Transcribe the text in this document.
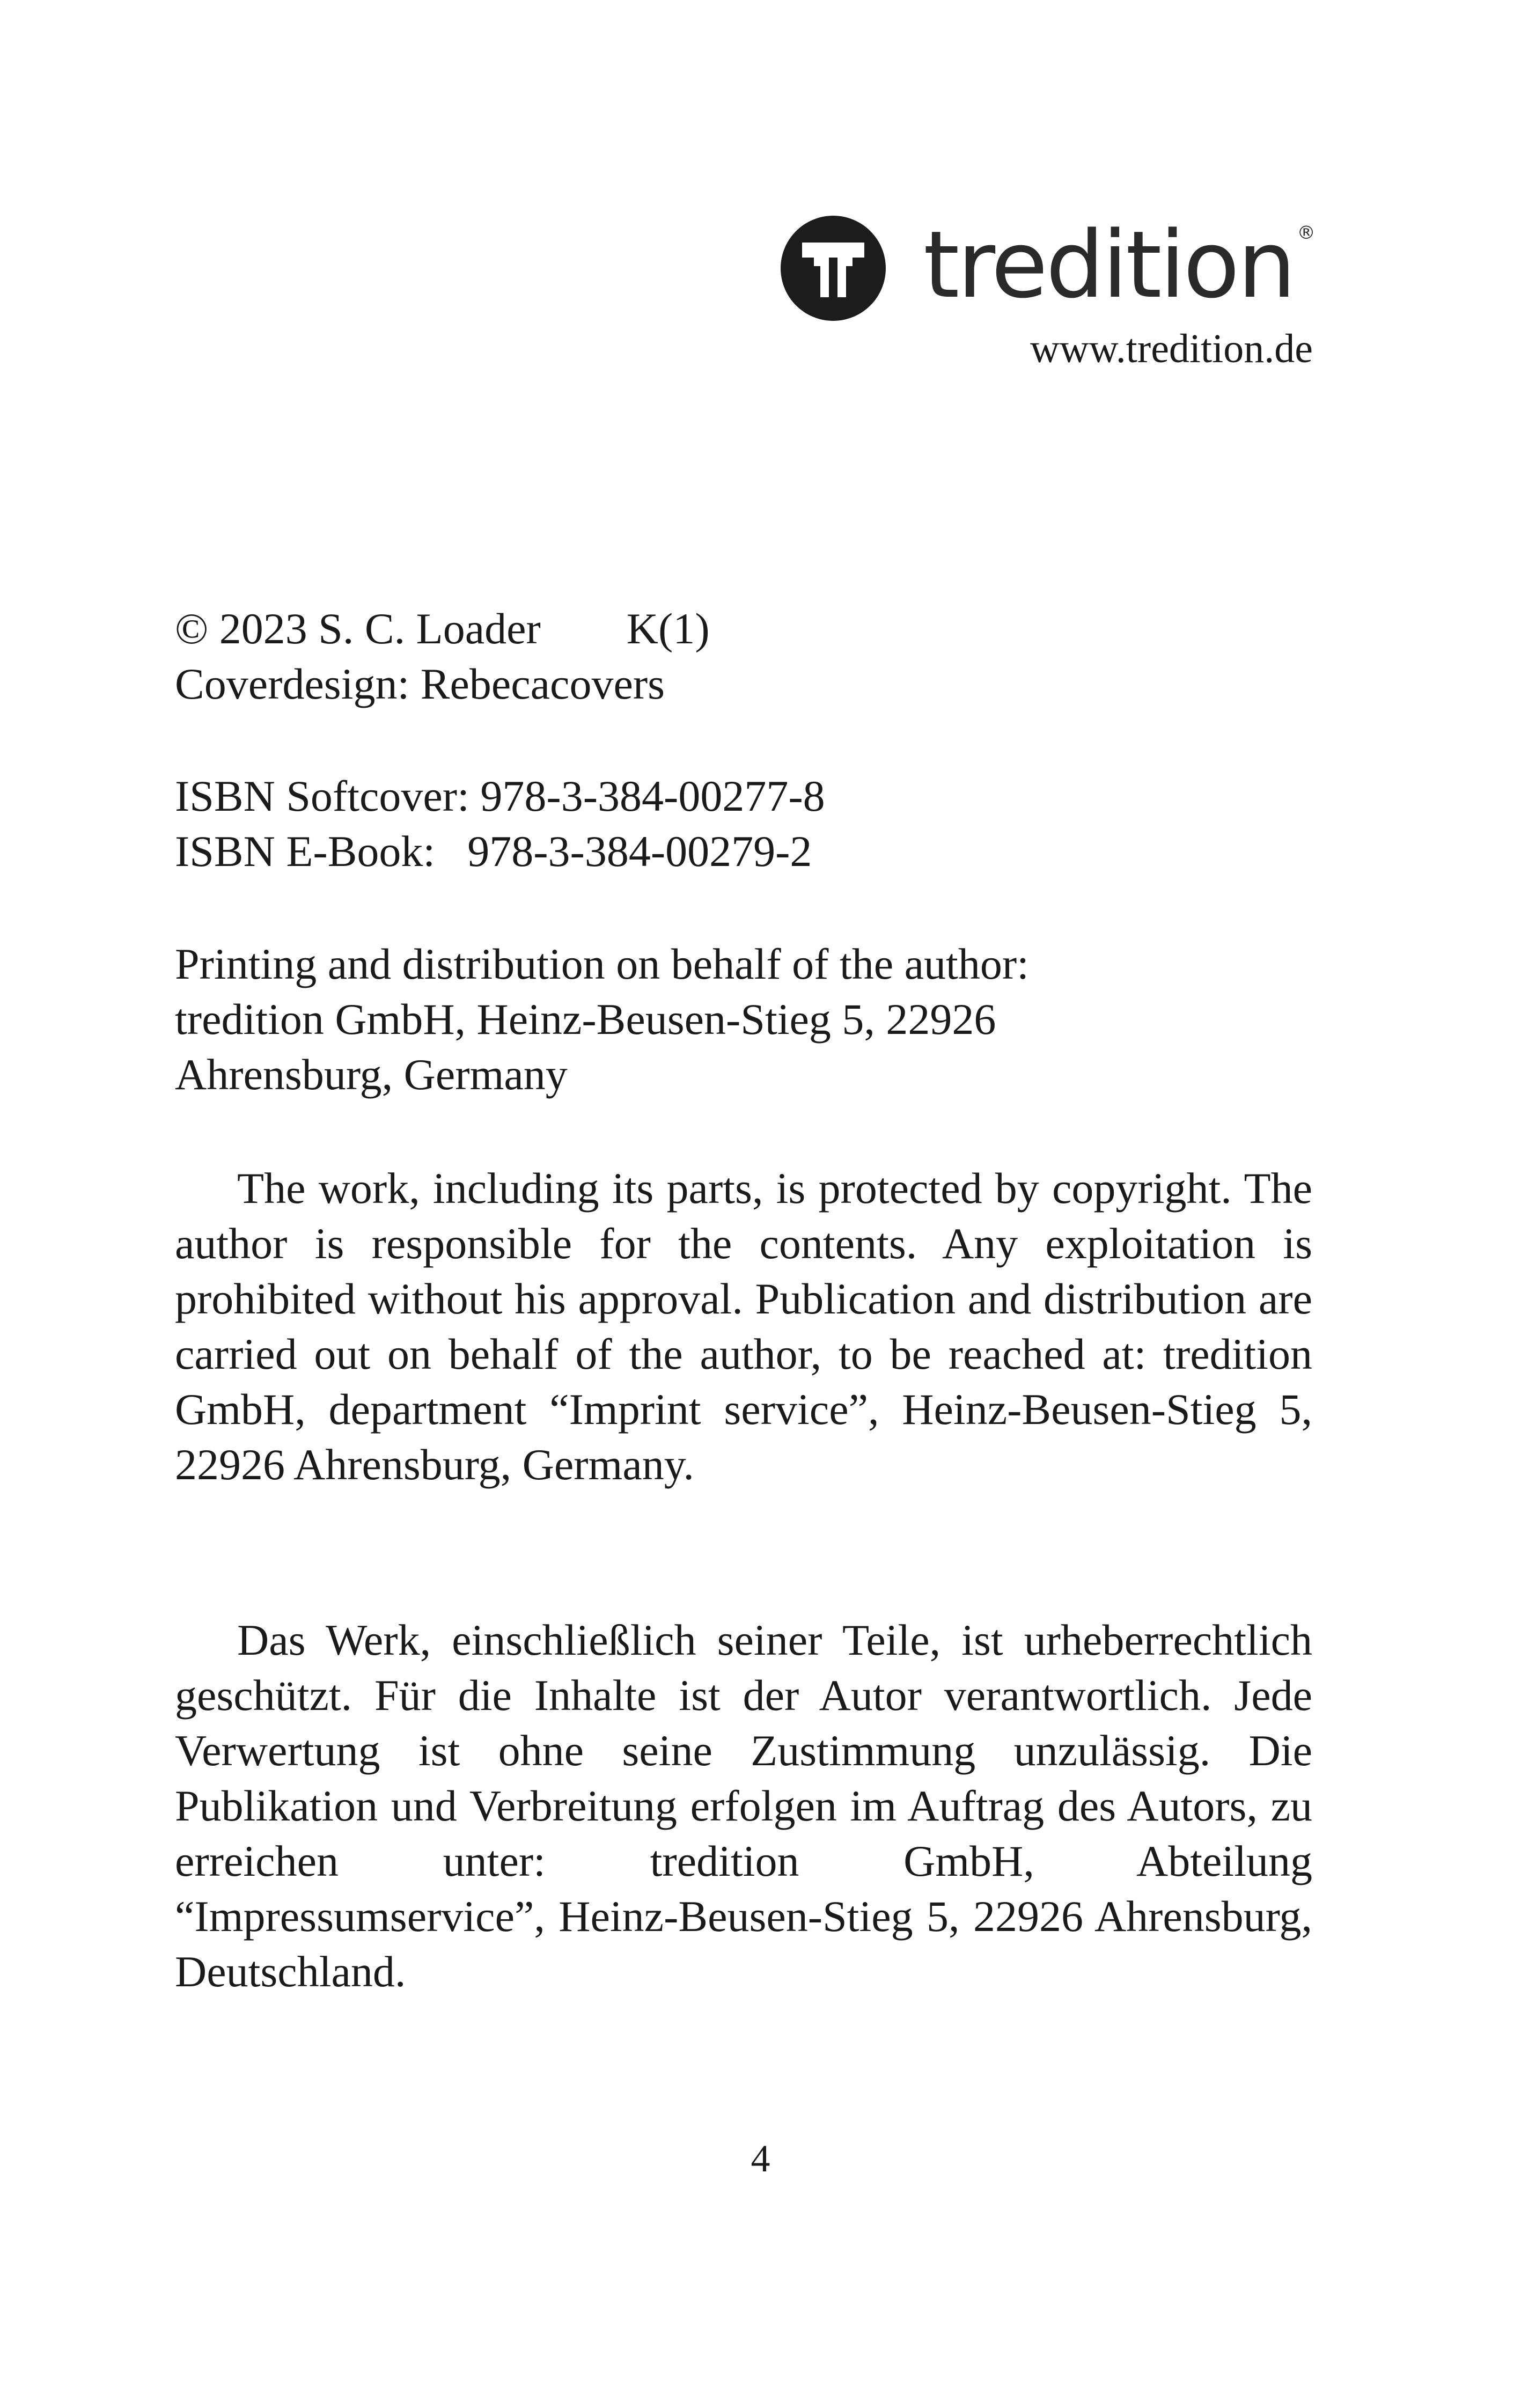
tredition ®
www.tredition.de
© 2023 S. C. Loader K(1)
Coverdesign: Rebecacovers
ISBN Softcover: 978-3-384-00277-8
ISBN E-Book: 978-3-384-00279-2
Printing and distribution on behalf of the author:
tredition GmbH, Heinz-Beusen-Stieg 5, 22926
Ahrensburg, Germany
The work, including its parts, is protected by copyright. The author is responsible for the contents. Any exploitation is prohibited without his approval. Publication and distribution are carried out on behalf of the author, to be reached at: tredition GmbH, department “Imprint service”, Heinz-Beusen-Stieg 5, 22926 Ahrensburg, Germany.
Das Werk, einschließlich seiner Teile, ist urheberrechtlich geschützt. Für die Inhalte ist der Autor verantwortlich. Jede Verwertung ist ohne seine Zustimmung unzulässig. Die Publikation und Verbreitung erfolgen im Auftrag des Autors, zu erreichen unter: tredition GmbH, Abteilung “Impressumservice”, Heinz-Beusen-Stieg 5, 22926 Ahrensburg, Deutschland.
4
